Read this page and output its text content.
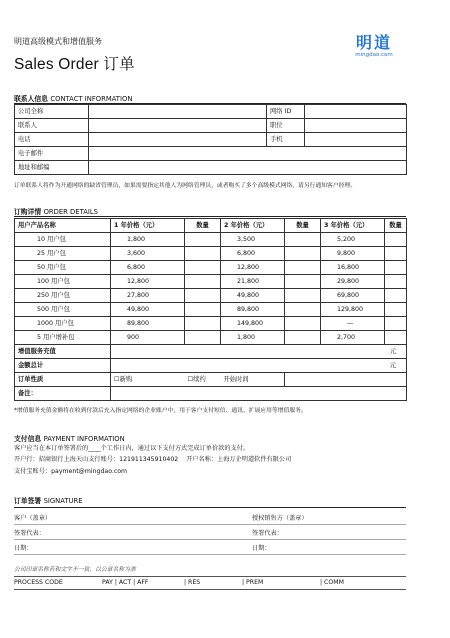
明道高级模式和增值服务
Sales Order 订单
明道
mingdao.com
联系人信息 CONTACT INFORMATION
公司全称		网络 ID	
联系人		职位	
电话		手机	
电子邮件			
地址和邮编			
订单联系人将作为开通网络的缺省管理员，如果需要指定其他人为网络管理员，或者购买了多个高级模式网络，请另行通知客户经理。
订购详情 ORDER DETAILS
用户产品名称	1 年价格（元）	数量	2 年价格（元）	数量	3 年价格（元）	数量
10 用户包	1,800		3,500		5,200	
25 用户包	3,600		6,800		9,800	
50 用户包	6,800		12,800		16,800	
100 用户包	12,800		21,800		29,800	
250 用户包	27,800		49,800		69,800	
500 用户包	49,800		89,800		129,800	
1000 用户包	89,800		149,800		—	
5 用户增补包	900		1,800		2,700	
增值服务充值	元					
金额总计	元					
订单性质	☐新购	☐续约	开始时间			
备注：						
*增值服务充值金额将在收到付款后充入指定网络的企业账户中，用于客户支付短信、通讯、扩展应用等增值服务。
支付信息 PAYMENT INFORMATION
客户应当在本订单签署后的____个工作日内，通过以下支付方式完成订单价款的支付。
开户行：招商银行上海天山支行账号：121911345910402    开户名称：上海万企明道软件有限公司
支付宝账号：payment@mingdao.com
订单签署 SIGNATURE
客户（盖章）	授权销售方（盖章）
签署代表：	签署代表：
日期：	日期：
公司印章名称若和文字不一致，以公章名称为准
PROCESS CODE	PAY | ACT | AFF	| RES	| PREM	| COMM
